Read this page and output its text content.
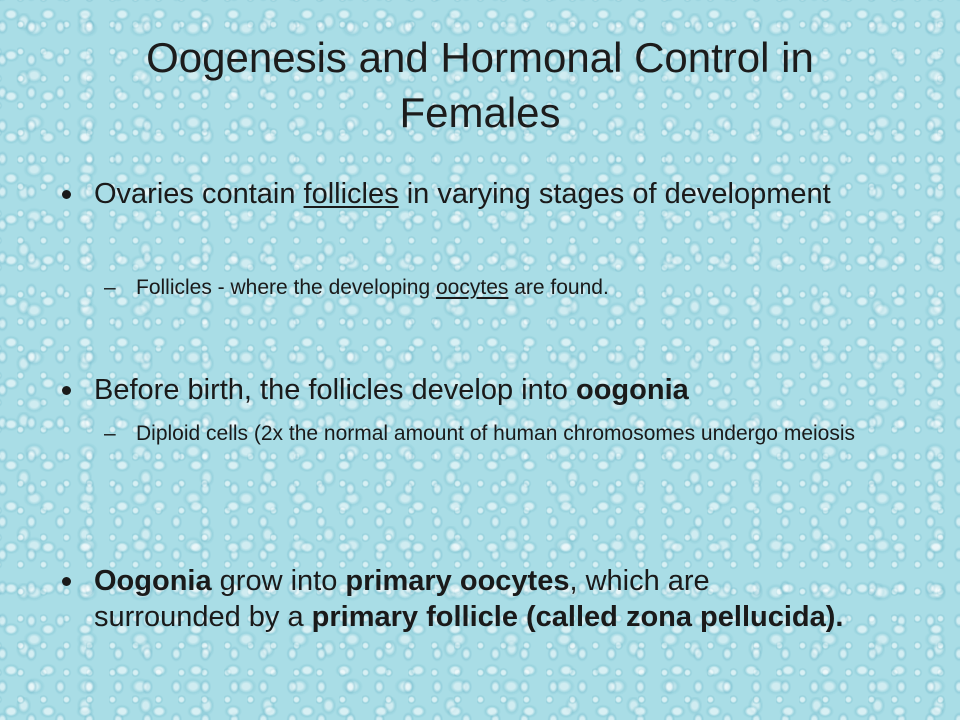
Oogenesis and Hormonal Control in Females
Ovaries contain follicles in varying stages of development
– Follicles - where the developing oocytes are found.
Before birth, the follicles develop into oogonia
– Diploid cells (2x the normal amount of human chromosomes undergo meiosis
Oogonia grow into primary oocytes, which are surrounded by a primary follicle (called zona pellucida).
